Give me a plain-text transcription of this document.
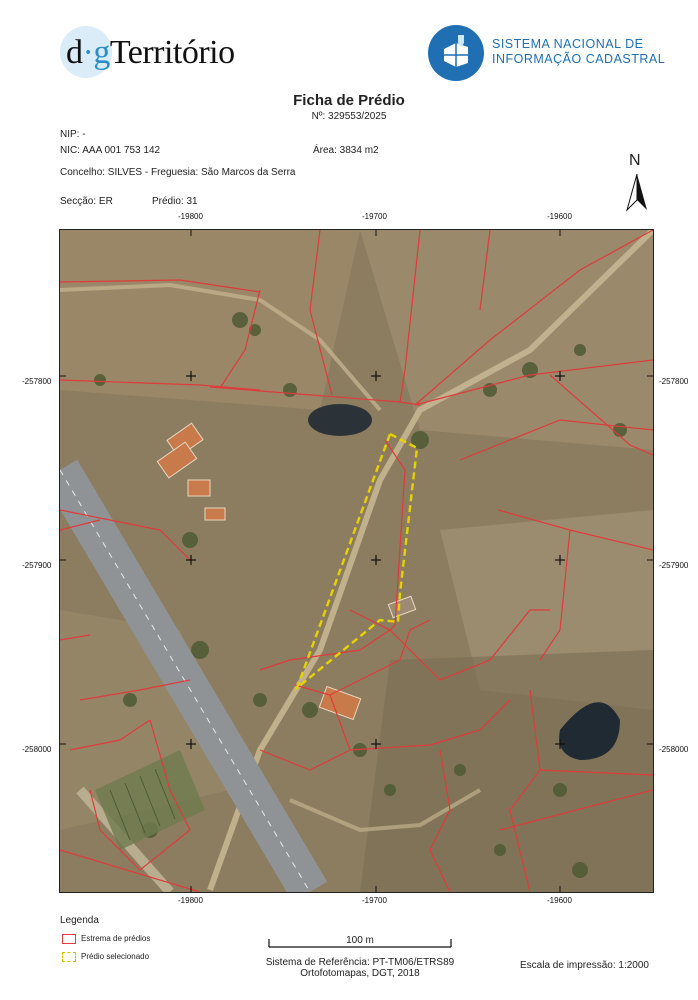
d·gTerritório	SISTEMA NACIONAL DE
INFORMAÇÃO CADASTRAL
Ficha de Prédio
Nº: 329553/2025
NIP: -
NIC: AAA 001 753 142	Área: 3834 m2
Concelho: SILVES - Freguesia: São Marcos da Serra
Secção: ER	Prédio: 31
N
-19800	-19700	-19600
-257800
-257900
-258000
-257800
-257900
-258000
-19800	-19700	-19600
Legenda
Estrema de prédios
Prédio selecionado
100 m
Sistema de Referência: PT-TM06/ETRS89
Ortofotomapas, DGT, 2018
Escala de impressão: 1:2000
